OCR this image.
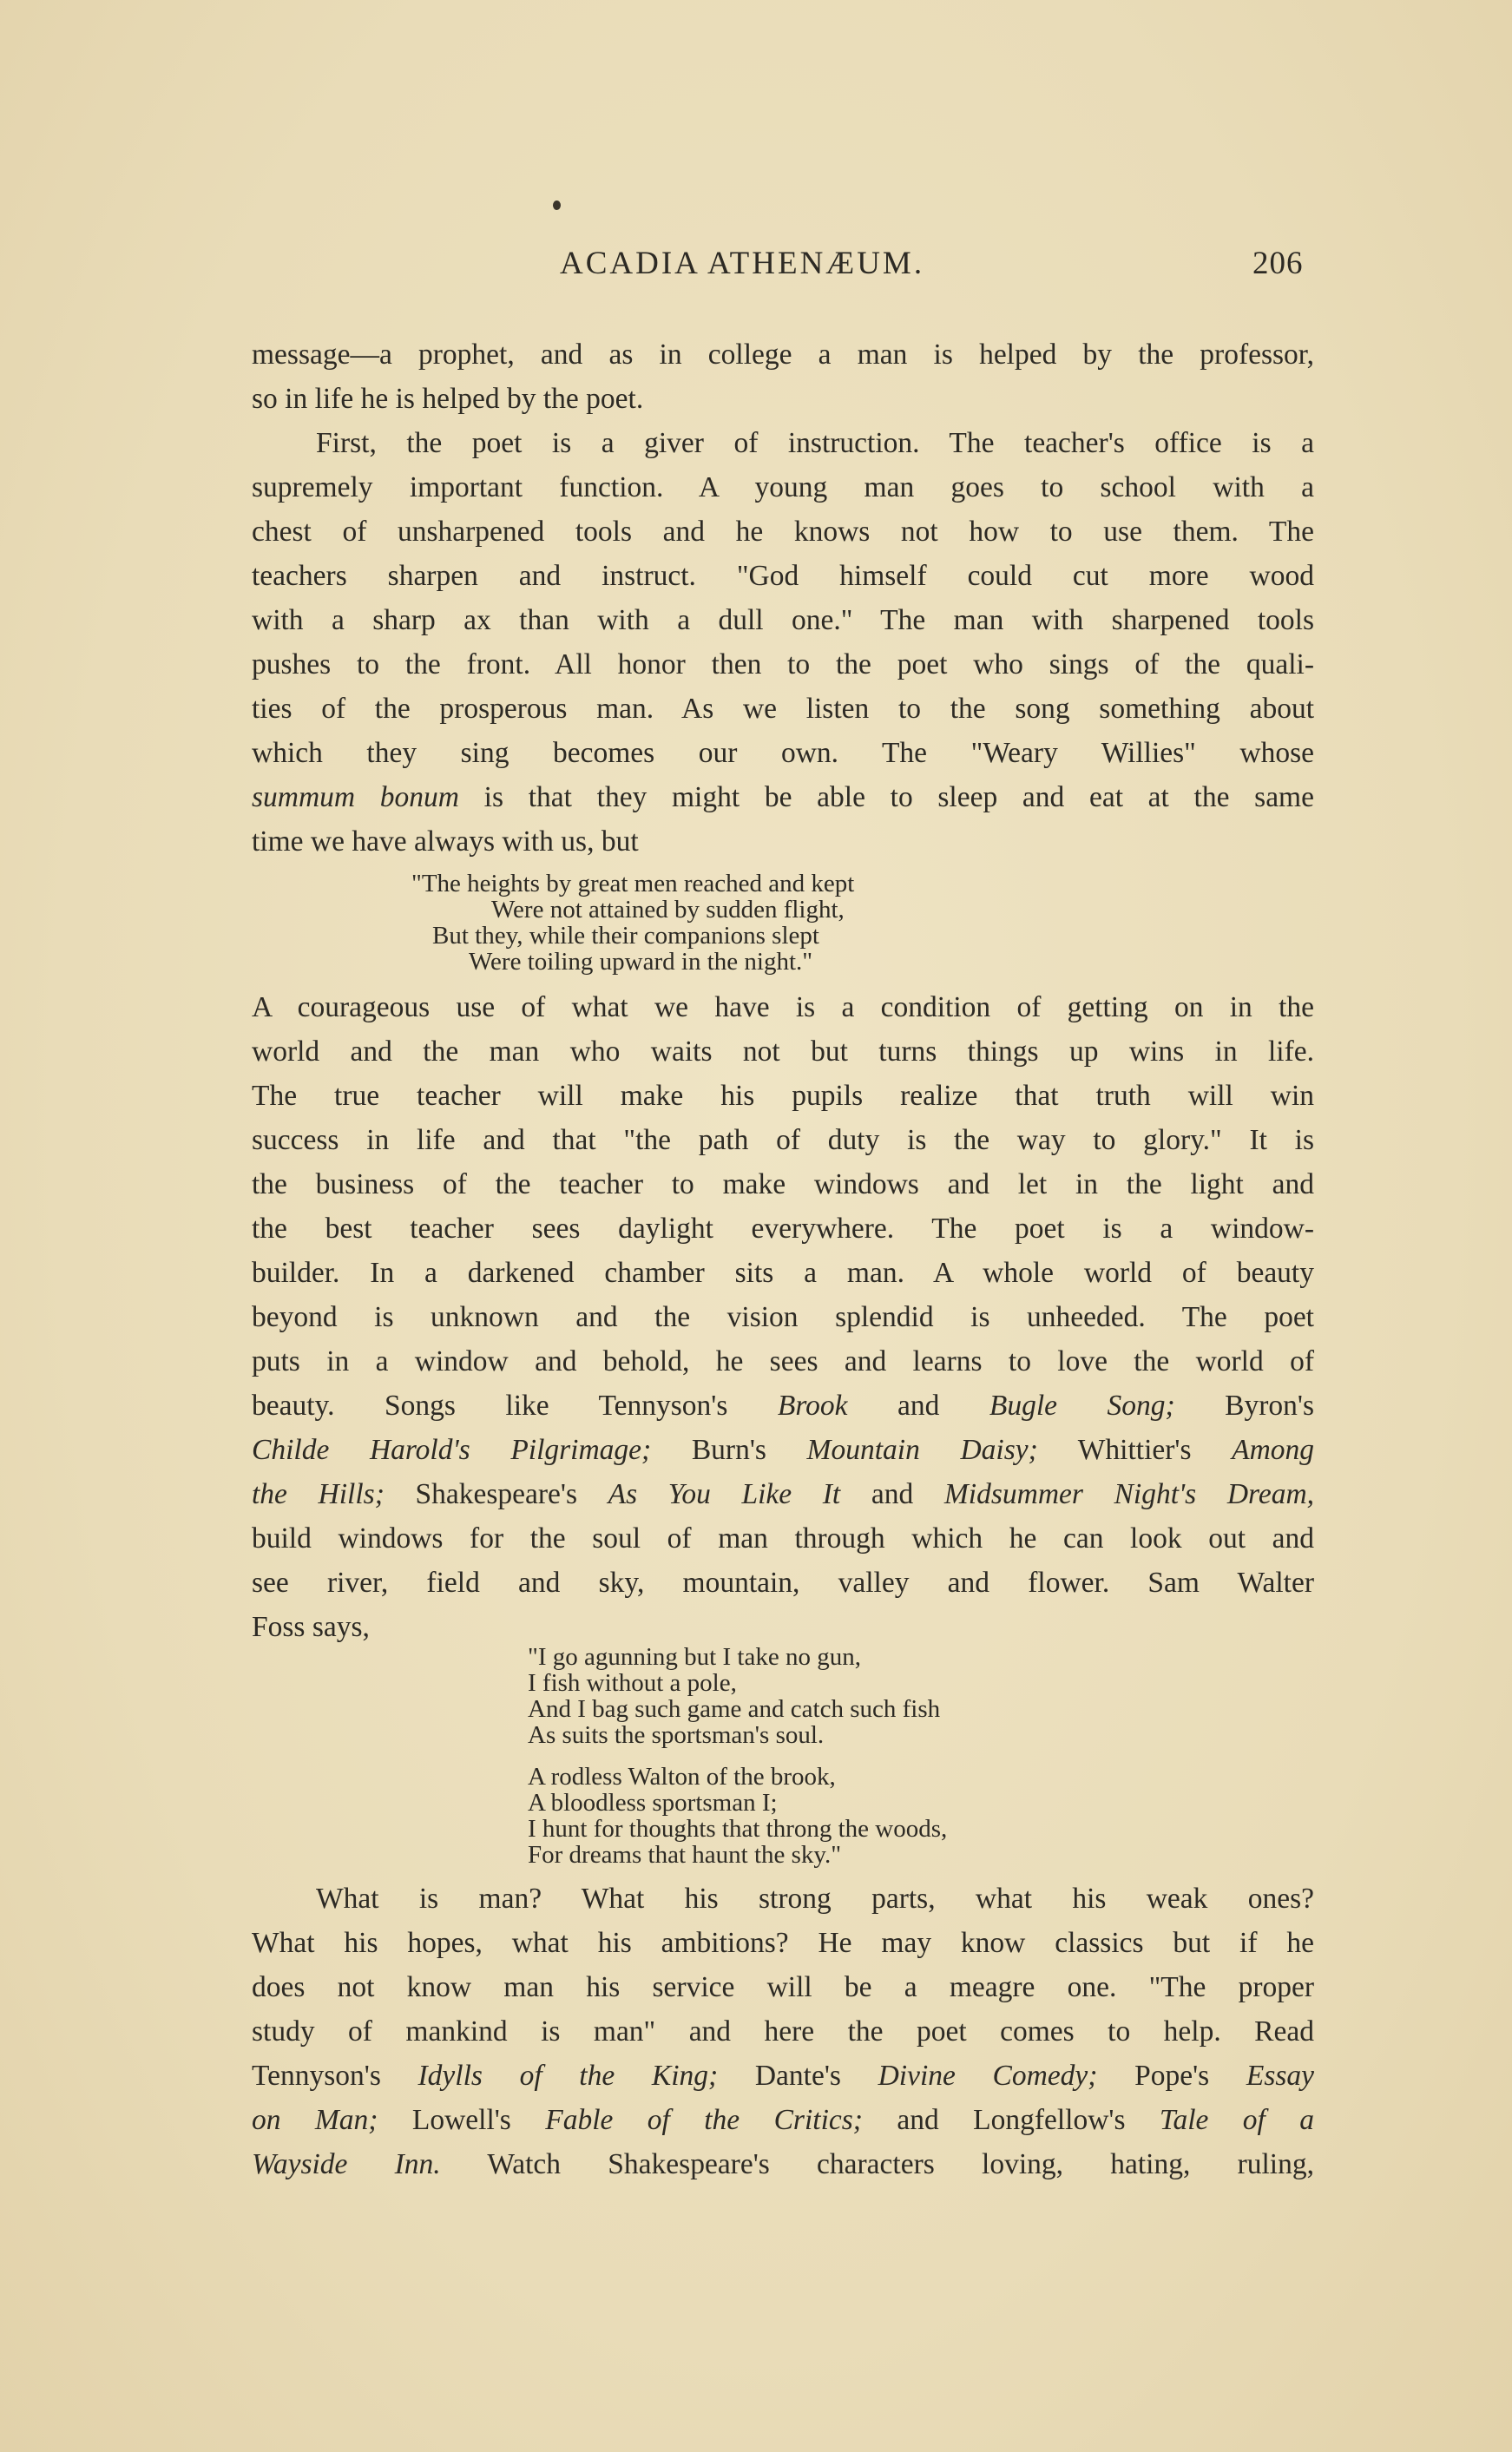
ACADIA ATHENÆUM.	206
message—a prophet, and as in college a man is helped by the professor,
so in life he is helped by the poet.
First, the poet is a giver of instruction. The teacher's office is a
supremely important function. A young man goes to school with a
chest of unsharpened tools and he knows not how to use them. The
teachers sharpen and instruct. "God himself could cut more wood
with a sharp ax than with a dull one." The man with sharpened tools
pushes to the front. All honor then to the poet who sings of the quali-
ties of the prosperous man. As we listen to the song something about
which they sing becomes our own. The "Weary Willies" whose
summum bonum is that they might be able to sleep and eat at the same
time we have always with us, but
"The heights by great men reached and kept
Were not attained by sudden flight,
But they, while their companions slept
Were toiling upward in the night."
A courageous use of what we have is a condition of getting on in the
world and the man who waits not but turns things up wins in life.
The true teacher will make his pupils realize that truth will win
success in life and that "the path of duty is the way to glory." It is
the business of the teacher to make windows and let in the light and
the best teacher sees daylight everywhere. The poet is a window-
builder. In a darkened chamber sits a man. A whole world of beauty
beyond is unknown and the vision splendid is unheeded. The poet
puts in a window and behold, he sees and learns to love the world of
beauty. Songs like Tennyson's Brook and Bugle Song; Byron's
Childe Harold's Pilgrimage; Burn's Mountain Daisy; Whittier's Among
the Hills; Shakespeare's As You Like It and Midsummer Night's Dream,
build windows for the soul of man through which he can look out and
see river, field and sky, mountain, valley and flower. Sam Walter
Foss says,
"I go agunning but I take no gun,
I fish without a pole,
And I bag such game and catch such fish
As suits the sportsman's soul.
A rodless Walton of the brook,
A bloodless sportsman I;
I hunt for thoughts that throng the woods,
For dreams that haunt the sky."
What is man? What his strong parts, what his weak ones?
What his hopes, what his ambitions? He may know classics but if he
does not know man his service will be a meagre one. "The proper
study of mankind is man" and here the poet comes to help. Read
Tennyson's Idylls of the King; Dante's Divine Comedy; Pope's Essay
on Man; Lowell's Fable of the Critics; and Longfellow's Tale of a
Wayside Inn. Watch Shakespeare's characters loving, hating, ruling,
